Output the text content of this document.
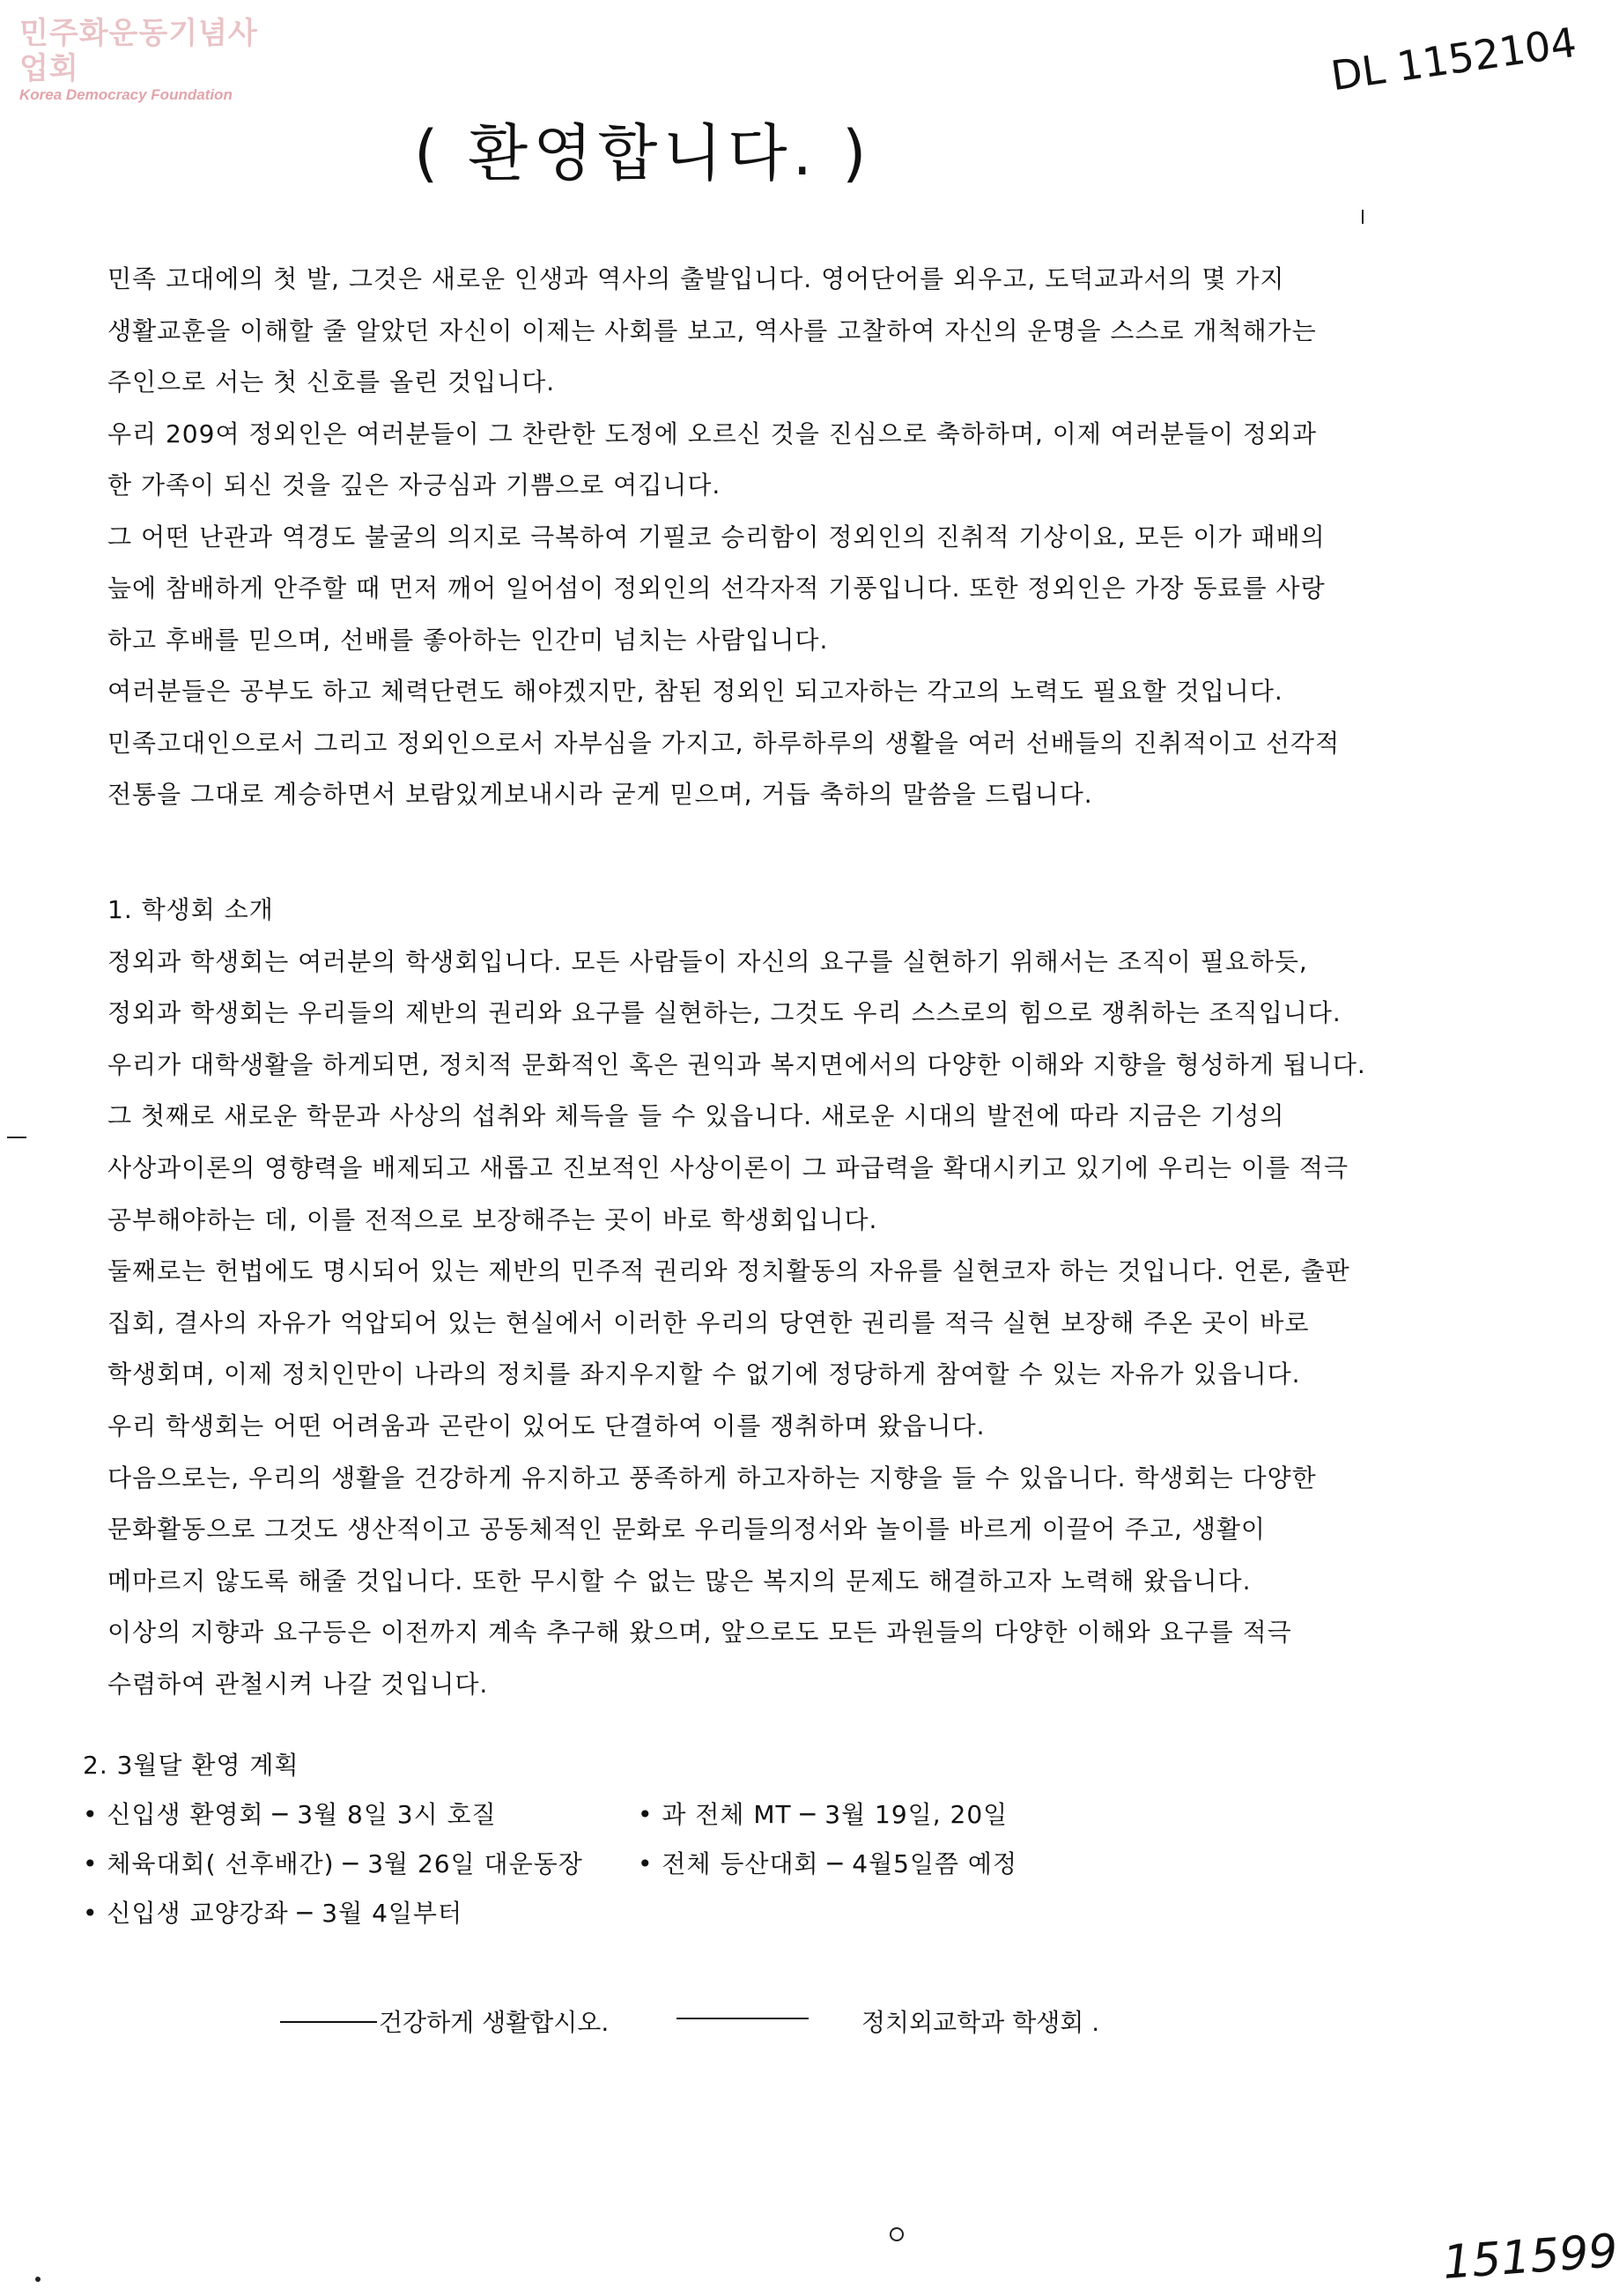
민주화운동기념사업회
Korea Democracy Foundation	DL 1152104
( 환영합니다. )

민족 고대에의 첫 발, 그것은 새로운 인생과 역사의 출발입니다. 영어단어를 외우고, 도덕교과서의 몇 가지

생활교훈을 이해할 줄 알았던 자신이 이제는 사회를 보고, 역사를 고찰하여 자신의 운명을 스스로 개척해가는

주인으로 서는 첫 신호를 올린 것입니다.

우리 209여 정외인은 여러분들이 그 찬란한 도정에 오르신 것을 진심으로 축하하며, 이제 여러분들이 정외과

한 가족이 되신 것을 깊은 자긍심과 기쁨으로 여깁니다.

그 어떤 난관과 역경도 불굴의 의지로 극복하여 기필코 승리함이 정외인의 진취적 기상이요, 모든 이가 패배의

늪에 참배하게 안주할 때 먼저 깨어 일어섬이 정외인의 선각자적 기풍입니다. 또한 정외인은 가장 동료를 사랑

하고 후배를 믿으며, 선배를 좋아하는 인간미 넘치는 사람입니다.

여러분들은 공부도 하고 체력단련도 해야겠지만, 참된 정외인 되고자하는 각고의 노력도 필요할 것입니다.

민족고대인으로서 그리고 정외인으로서 자부심을 가지고, 하루하루의 생활을 여러 선배들의 진취적이고 선각적

전통을 그대로 계승하면서 보람있게보내시라 굳게 믿으며, 거듭 축하의 말씀을 드립니다.

1. 학생회 소개

정외과 학생회는 여러분의 학생회입니다. 모든 사람들이 자신의 요구를 실현하기 위해서는 조직이 필요하듯,

정외과 학생회는 우리들의 제반의 권리와 요구를 실현하는, 그것도 우리 스스로의 힘으로 쟁취하는 조직입니다.

우리가 대학생활을 하게되면, 정치적 문화적인 혹은 권익과 복지면에서의 다양한 이해와 지향을 형성하게 됩니다.

그 첫째로 새로운 학문과 사상의 섭취와 체득을 들 수 있읍니다. 새로운 시대의 발전에 따라 지금은 기성의

사상과이론의 영향력을 배제되고 새롭고 진보적인 사상이론이 그 파급력을 확대시키고 있기에 우리는 이를 적극

공부해야하는 데, 이를 전적으로 보장해주는 곳이 바로 학생회입니다.

둘째로는 헌법에도 명시되어 있는 제반의 민주적 권리와 정치활동의 자유를 실현코자 하는 것입니다. 언론, 출판

집회, 결사의 자유가 억압되어 있는 현실에서 이러한 우리의 당연한 권리를 적극 실현 보장해 주온 곳이 바로

학생회며, 이제 정치인만이 나라의 정치를 좌지우지할 수 없기에 정당하게 참여할 수 있는 자유가 있읍니다.

우리 학생회는 어떤 어려움과 곤란이 있어도 단결하여 이를 쟁취하며 왔읍니다.

다음으로는, 우리의 생활을 건강하게 유지하고 풍족하게 하고자하는 지향을 들 수 있읍니다. 학생회는 다양한

문화활동으로 그것도 생산적이고 공동체적인 문화로 우리들의정서와 놀이를 바르게 이끌어 주고, 생활이

메마르지 않도록 해줄 것입니다. 또한 무시할 수 없는 많은 복지의 문제도 해결하고자 노력해 왔읍니다.

이상의 지향과 요구등은 이전까지 계속 추구해 왔으며, 앞으로도 모든 과원들의 다양한 이해와 요구를 적극

수렴하여 관철시켜 나갈 것입니다.

2. 3월달 환영 계획

• 신입생 환영회 ─ 3월 8일 3시 호질	• 과 전체 MT ─ 3월 19일, 20일
• 체육대회( 선후배간) ─ 3월 26일 대운동장 • 전체 등산대회 ─ 4월5일쯤 예정
• 신입생 교양강좌 ─ 3월 4일부터
건강하게 생활합시오.	정치외교학과 학생회 .
151599
